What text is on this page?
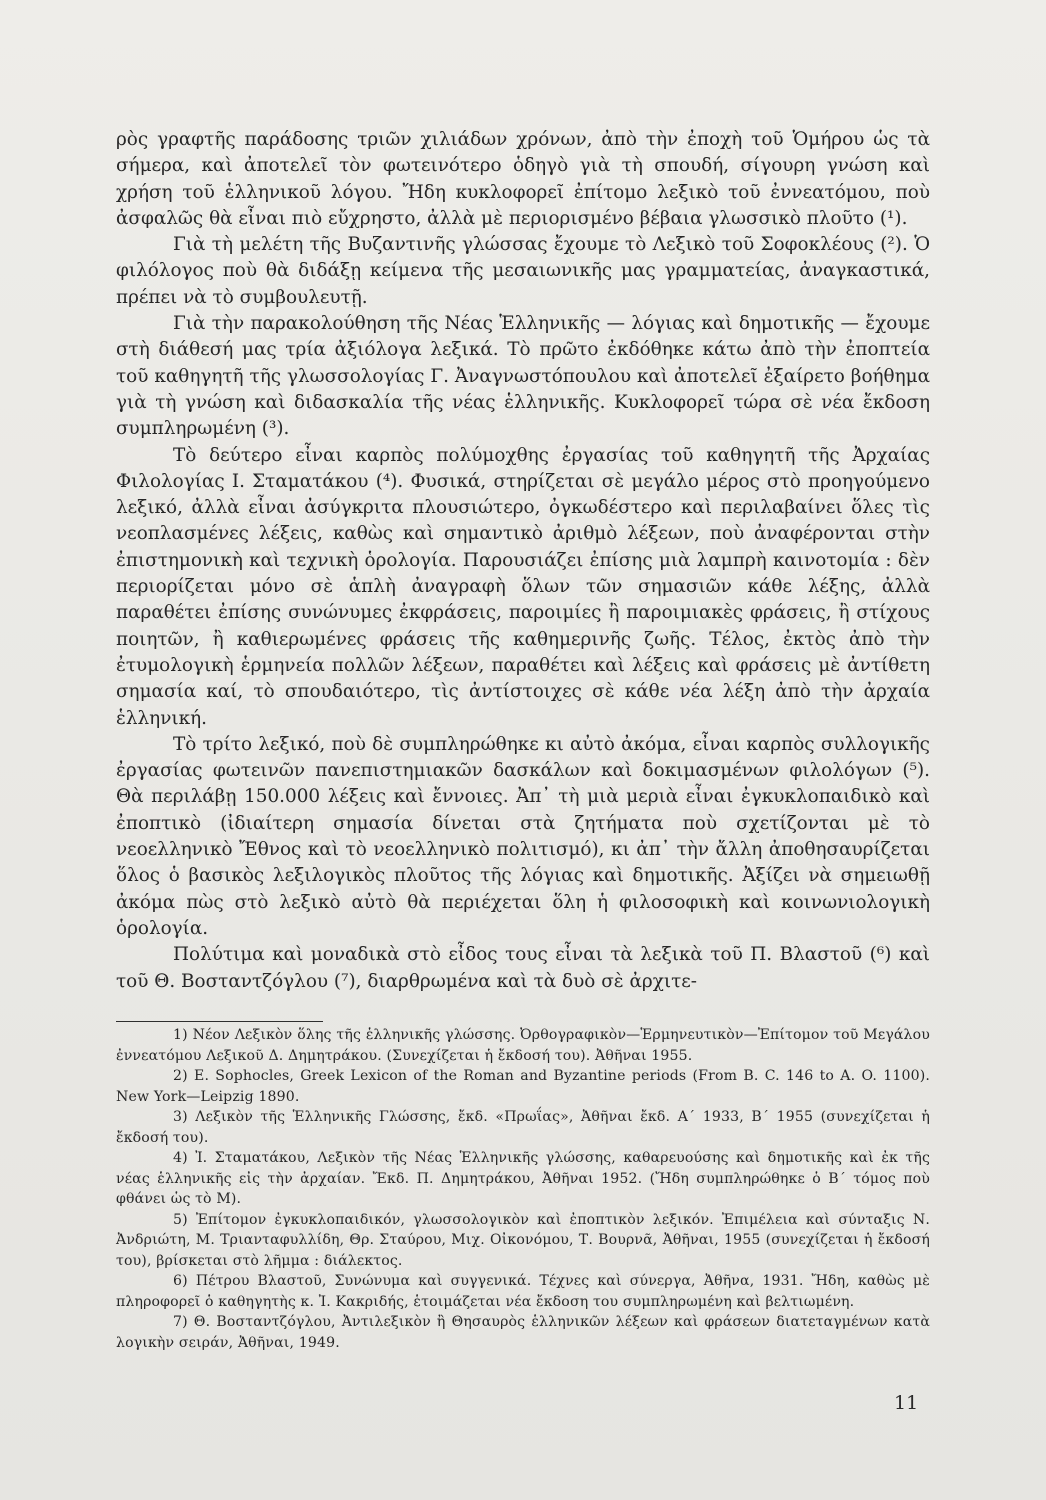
ρὸς γραφτῆς παράδοσης τριῶν χιλιάδων χρόνων, ἀπὸ τὴν ἐποχὴ τοῦ Ὁμήρου ὡς τὰ σήμερα, καὶ ἀποτελεῖ τὸν φωτεινότερο ὁδηγὸ γιὰ τὴ σπουδή, σίγουρη γνώση καὶ χρήση τοῦ ἑλληνικοῦ λόγου. Ἤδη κυκλοφορεῖ ἐπίτομο λεξικὸ τοῦ ἐννεατόμου, ποὺ ἀσφαλῶς θὰ εἶναι πιὸ εὔχρηστο, ἀλλὰ μὲ περιορισμένο βέβαια γλωσσικὸ πλοῦτο (¹).

Γιὰ τὴ μελέτη τῆς Βυζαντινῆς γλώσσας ἔχουμε τὸ Λεξικὸ τοῦ Σοφοκλέους (²). Ὁ φιλόλογος ποὺ θὰ διδάξῃ κείμενα τῆς μεσαιωνικῆς μας γραμματείας, ἀναγκαστικά, πρέπει νὰ τὸ συμβουλευτῇ.

Γιὰ τὴν παρακολούθηση τῆς Νέας Ἑλληνικῆς — λόγιας καὶ δημοτικῆς — ἔχουμε στὴ διάθεσή μας τρία ἀξιόλογα λεξικά. Τὸ πρῶτο ἐκδόθηκε κάτω ἀπὸ τὴν ἐποπτεία τοῦ καθηγητῆ τῆς γλωσσολογίας Γ. Ἀναγνωστόπουλου καὶ ἀποτελεῖ ἐξαίρετο βοήθημα γιὰ τὴ γνώση καὶ διδασκαλία τῆς νέας ἑλληνικῆς. Κυκλοφορεῖ τώρα σὲ νέα ἔκδοση συμπληρωμένη (³).

Τὸ δεύτερο εἶναι καρπὸς πολύμοχθης ἐργασίας τοῦ καθηγητῆ τῆς Ἀρχαίας Φιλολογίας Ι. Σταματάκου (⁴). Φυσικά, στηρίζεται σὲ μεγάλο μέρος στὸ προηγούμενο λεξικό, ἀλλὰ εἶναι ἀσύγκριτα πλουσιώτερο, ὀγκωδέστερο καὶ περιλαβαίνει ὅλες τὶς νεοπλασμένες λέξεις, καθὼς καὶ σημαντικὸ ἀριθμὸ λέξεων, ποὺ ἀναφέρονται στὴν ἐπιστημονικὴ καὶ τεχνικὴ ὁρολογία. Παρουσιάζει ἐπίσης μιὰ λαμπρὴ καινοτομία : δὲν περιορίζεται μόνο σὲ ἁπλὴ ἀναγραφὴ ὅλων τῶν σημασιῶν κάθε λέξης, ἀλλὰ παραθέτει ἐπίσης συνώνυμες ἐκφράσεις, παροιμίες ἢ παροιμιακὲς φράσεις, ἢ στίχους ποιητῶν, ἢ καθιερωμένες φράσεις τῆς καθημερινῆς ζωῆς. Τέλος, ἐκτὸς ἀπὸ τὴν ἐτυμολογικὴ ἑρμηνεία πολλῶν λέξεων, παραθέτει καὶ λέξεις καὶ φράσεις μὲ ἀντίθετη σημασία καί, τὸ σπουδαιότερο, τὶς ἀντίστοιχες σὲ κάθε νέα λέξη ἀπὸ τὴν ἀρχαία ἑλληνική.

Τὸ τρίτο λεξικό, ποὺ δὲ συμπληρώθηκε κι αὐτὸ ἀκόμα, εἶναι καρπὸς συλλογικῆς ἐργασίας φωτεινῶν πανεπιστημιακῶν δασκάλων καὶ δοκιμασμένων φιλολόγων (⁵). Θὰ περιλάβῃ 150.000 λέξεις καὶ ἔννοιες. Ἀπ᾿ τὴ μιὰ μεριὰ εἶναι ἐγκυκλοπαιδικὸ καὶ ἐποπτικὸ (ἰδιαίτερη σημασία δίνεται στὰ ζητήματα ποὺ σχετίζονται μὲ τὸ νεοελληνικὸ Ἔθνος καὶ τὸ νεοελληνικὸ πολιτισμό), κι ἀπ᾿ τὴν ἄλλη ἀποθησαυρίζεται ὅλος ὁ βασικὸς λεξιλογικὸς πλοῦτος τῆς λόγιας καὶ δημοτικῆς. Ἀξίζει νὰ σημειωθῇ ἀκόμα πὼς στὸ λεξικὸ αὐτὸ θὰ περιέχεται ὅλη ἡ φιλοσοφικὴ καὶ κοινωνιολογικὴ ὁρολογία.

Πολύτιμα καὶ μοναδικὰ στὸ εἶδος τους εἶναι τὰ λεξικὰ τοῦ Π. Βλαστοῦ (⁶) καὶ τοῦ Θ. Βοσταντζόγλου (⁷), διαρθρωμένα καὶ τὰ δυὸ σὲ ἀρχιτε-

1) Νέον Λεξικὸν ὅλης τῆς ἑλληνικῆς γλώσσης. Ὀρθογραφικὸν—Ἑρμηνευτικὸν—Ἐπίτομον τοῦ Μεγάλου ἐννεατόμου Λεξικοῦ Δ. Δημητράκου. (Συνεχίζεται ἡ ἔκδοσή του). Ἀθῆναι 1955.

2) E. Sophocles, Greek Lexicon of the Roman and Byzantine periods (From B. C. 146 to A. O. 1100). New York—Leipzig 1890.

3) Λεξικὸν τῆς Ἑλληνικῆς Γλώσσης, ἔκδ. «Πρωΐας», Ἀθῆναι ἔκδ. Α΄ 1933, Β΄ 1955 (συνεχίζεται ἡ ἔκδοσή του).

4) Ἰ. Σταματάκου, Λεξικὸν τῆς Νέας Ἑλληνικῆς γλώσσης, καθαρευούσης καὶ δημοτικῆς καὶ ἐκ τῆς νέας ἑλληνικῆς εἰς τὴν ἀρχαίαν. Ἔκδ. Π. Δημητράκου, Ἀθῆναι 1952. (Ἤδη συμπληρώθηκε ὁ Β΄ τόμος ποὺ φθάνει ὡς τὸ Μ).

5) Ἐπίτομον ἐγκυκλοπαιδικόν, γλωσσολογικὸν καὶ ἐποπτικὸν λεξικόν. Ἐπιμέλεια καὶ σύνταξις Ν. Ἀνδριώτη, Μ. Τριανταφυλλίδη, Θρ. Σταύρου, Μιχ. Οἰκονόμου, Τ. Βουρνᾶ, Ἀθῆναι, 1955 (συνεχίζεται ἡ ἔκδοσή του), βρίσκεται στὸ λῆμμα : διάλεκτος.

6) Πέτρου Βλαστοῦ, Συνώνυμα καὶ συγγενικά. Τέχνες καὶ σύνεργα, Ἀθῆνα, 1931. Ἤδη, καθὼς μὲ πληροφορεῖ ὁ καθηγητὴς κ. Ἰ. Κακριδής, ἑτοιμάζεται νέα ἔκδοση του συμπληρωμένη καὶ βελτιωμένη.

7) Θ. Βοσταντζόγλου, Ἀντιλεξικὸν ἢ Θησαυρὸς ἑλληνικῶν λέξεων καὶ φράσεων διατεταγμένων κατὰ λογικὴν σειράν, Ἀθῆναι, 1949.

11
